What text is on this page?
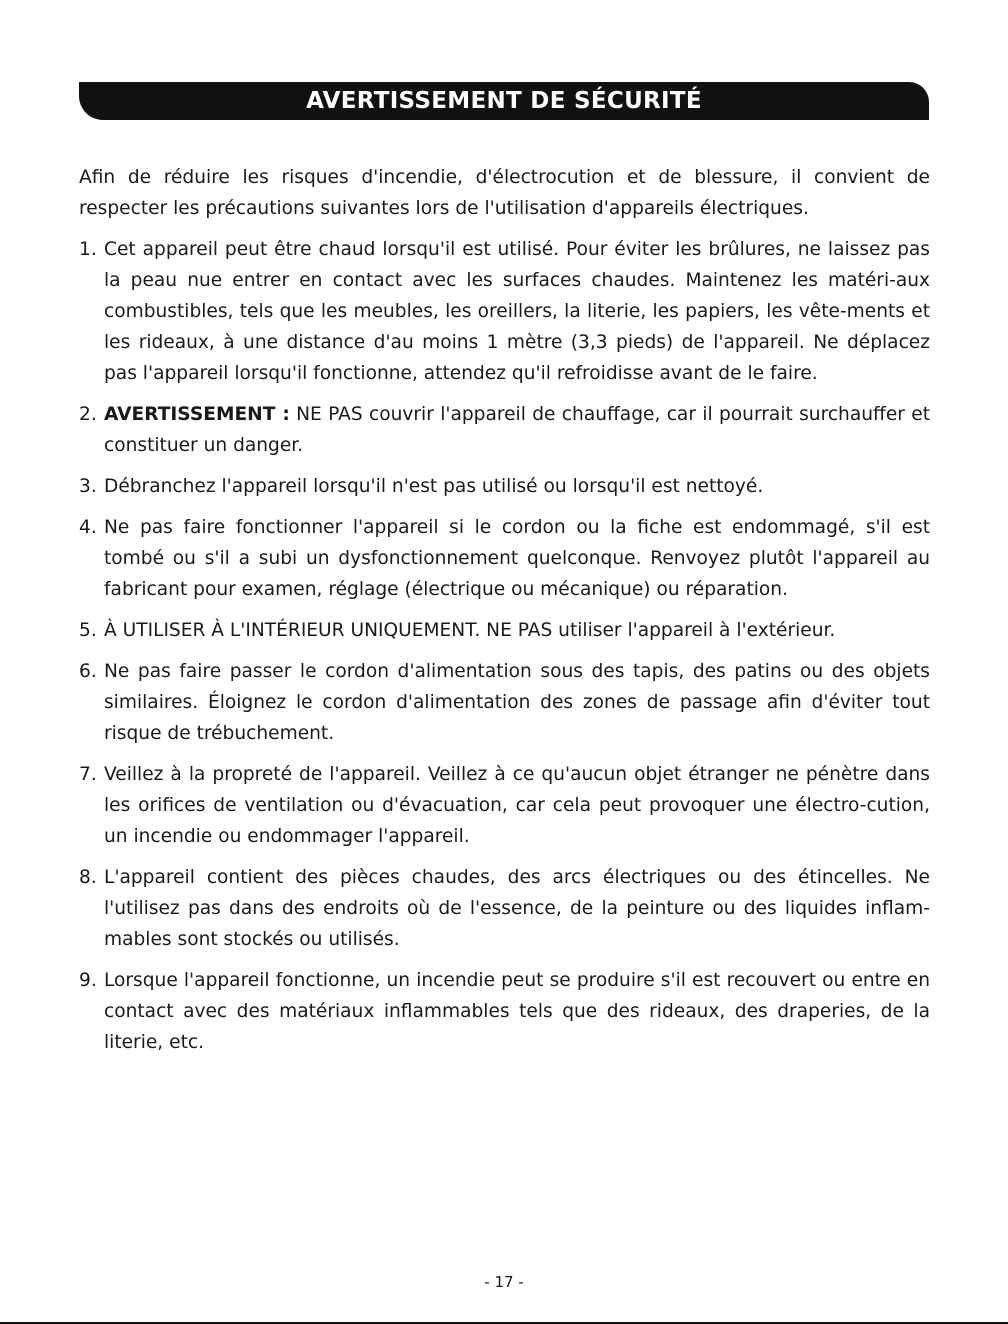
AVERTISSEMENT DE SÉCURITÉ

Afin de réduire les risques d'incendie, d'électrocution et de blessure, il convient de respecter les précautions suivantes lors de l'utilisation d'appareils électriques.

1. Cet appareil peut être chaud lorsqu'il est utilisé. Pour éviter les brûlures, ne laissez pas la peau nue entrer en contact avec les surfaces chaudes. Maintenez les matéri-aux combustibles, tels que les meubles, les oreillers, la literie, les papiers, les vête-ments et les rideaux, à une distance d'au moins 1 mètre (3,3 pieds) de l'appareil. Ne déplacez pas l'appareil lorsqu'il fonctionne, attendez qu'il refroidisse avant de le faire.
2. AVERTISSEMENT : NE PAS couvrir l'appareil de chauffage, car il pourrait surchauffer et constituer un danger.
3. Débranchez l'appareil lorsqu'il n'est pas utilisé ou lorsqu'il est nettoyé.
4. Ne pas faire fonctionner l'appareil si le cordon ou la fiche est endommagé, s'il est tombé ou s'il a subi un dysfonctionnement quelconque. Renvoyez plutôt l'appareil au fabricant pour examen, réglage (électrique ou mécanique) ou réparation.
5. À UTILISER À L'INTÉRIEUR UNIQUEMENT. NE PAS utiliser l'appareil à l'extérieur.
6. Ne pas faire passer le cordon d'alimentation sous des tapis, des patins ou des objets similaires. Éloignez le cordon d'alimentation des zones de passage afin d'éviter tout risque de trébuchement.
7. Veillez à la propreté de l'appareil. Veillez à ce qu'aucun objet étranger ne pénètre dans les orifices de ventilation ou d'évacuation, car cela peut provoquer une électro-cution, un incendie ou endommager l'appareil.
8. L'appareil contient des pièces chaudes, des arcs électriques ou des étincelles. Ne l'utilisez pas dans des endroits où de l'essence, de la peinture ou des liquides inflam-mables sont stockés ou utilisés.
9. Lorsque l'appareil fonctionne, un incendie peut se produire s'il est recouvert ou entre en contact avec des matériaux inflammables tels que des rideaux, des draperies, de la literie, etc.
- 17 -
